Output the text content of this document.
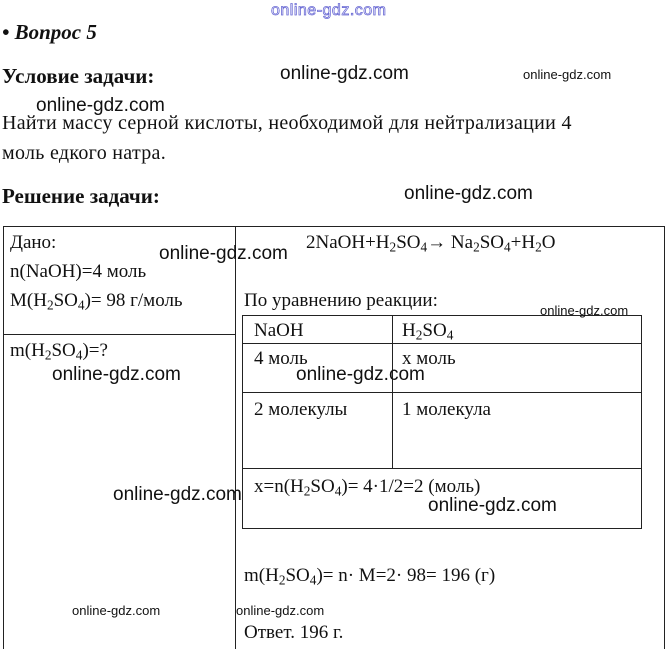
online-gdz.com
• Вопрос 5
Условие задачи:
Найти массу серной кислоты, необходимой для нейтрализации 4
моль едкого натра.
Решение задачи:
Дано:
n(NaOH)=4 моль
$M(H_2SO_4)= 98$ г/моль
$m(H_2SO_4)=$?
$2NaOH+H_2SO_4\to Na_2SO_4+H_2O$
По уравнению реакции:
NaOH	$H_2SO_4$
4 моль	x моль
2 молекулы	1 молекула
$x=n(H_2SO_4)= 4\cdot 1/2=2$ (моль)
$m(H_2SO_4)= n\cdot M=2\cdot 98= 196$ (г)
Ответ. 196 г.
online-gdz.com	online-gdz.com
online-gdz.com
online-gdz.com
online-gdz.com
online-gdz.com
online-gdz.com	online-gdz.com
online-gdz.com
online-gdz.com
online-gdz.com	online-gdz.com
